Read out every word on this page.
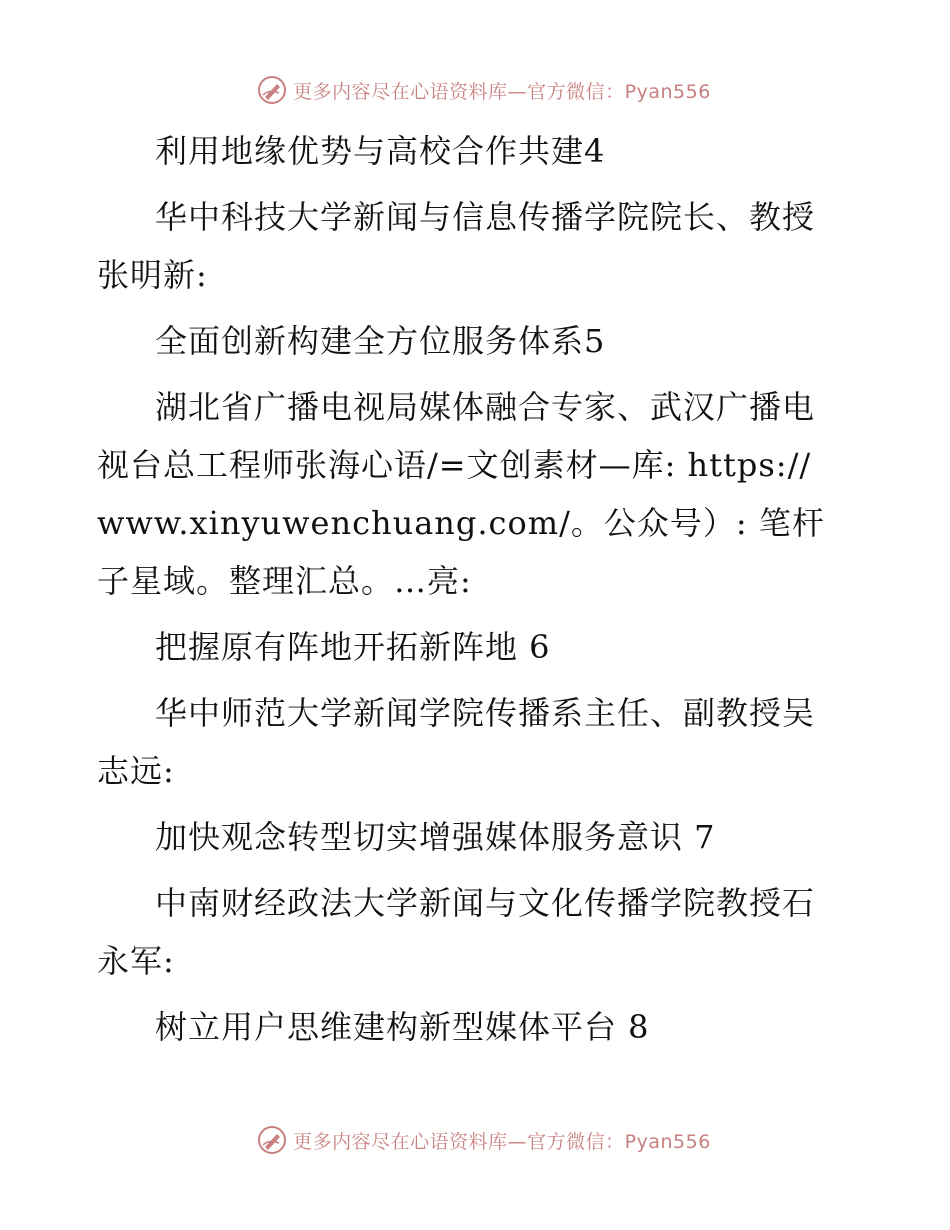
更多内容尽在心语资料库—官方微信：Pyan556

利用地缘优势与高校合作共建4

华中科技大学新闻与信息传播学院院长、教授张明新:

全面创新构建全方位服务体系5

湖北省广播电视局媒体融合专家、武汉广播电视台总工程师张海心语/=文创素材—库: https://www.xinyuwenchuang.com/。公众号）: 笔杆子星域。整理汇总。…亮:

把握原有阵地开拓新阵地 6

华中师范大学新闻学院传播系主任、副教授吴志远:

加快观念转型切实增强媒体服务意识 7

中南财经政法大学新闻与文化传播学院教授石永军:

树立用户思维建构新型媒体平台 8

更多内容尽在心语资料库—官方微信：Pyan556
